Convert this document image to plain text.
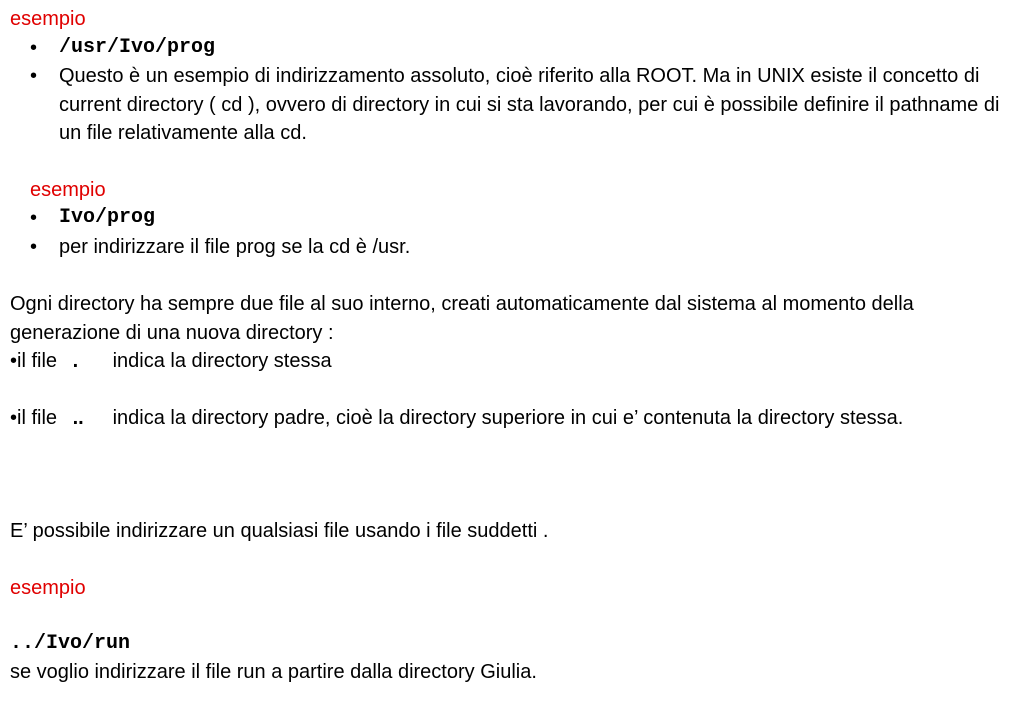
esempio
•	/usr/Ivo/prog
•	Questo è un esempio di indirizzamento assoluto, cioè riferito alla ROOT. Ma in UNIX esiste il concetto di current directory ( cd ), ovvero di directory in cui si sta lavorando, per cui è possibile definire il pathname di un file relativamente alla cd.
esempio
•	Ivo/prog
•	per indirizzare il file prog se la cd è /usr.
Ogni directory ha sempre due file al suo interno, creati automaticamente dal sistema al momento della generazione di una nuova directory :
•il file . indica la directory stessa
•il file .. indica la directory padre, cioè la directory superiore in cui e’ contenuta la directory stessa.
E’ possibile indirizzare un qualsiasi file usando i file suddetti .
esempio
../Ivo/run
se voglio indirizzare il file run a partire dalla directory Giulia.
